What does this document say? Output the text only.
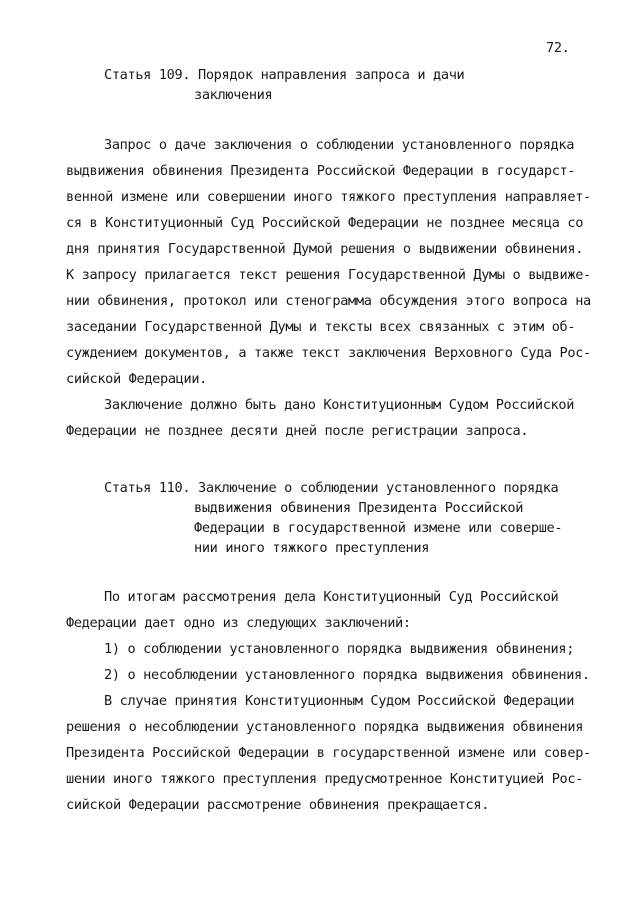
72.
Статья 109. Порядок направления запроса и дачи
заключения
Запрос о даче заключения о соблюдении установленного порядка
выдвижения обвинения Президента Российской Федерации в государст-
венной измене или совершении иного тяжкого преступления направляет-
ся в Конституционный Суд Российской Федерации не позднее месяца со
дня принятия Государственной Думой решения о выдвижении обвинения.
К запросу прилагается текст решения Государственной Думы о выдвиже-
нии обвинения, протокол или стенограмма обсуждения этого вопроса на
заседании Государственной Думы и тексты всех связанных с этим об-
суждением документов, а также текст заключения Верховного Суда Рос-
сийской Федерации.
Заключение должно быть дано Конституционным Судом Российской
Федерации не позднее десяти дней после регистрации запроса.
Статья 110. Заключение о соблюдении установленного порядка
выдвижения обвинения Президента Российской
Федерации в государственной измене или соверше-
нии иного тяжкого преступления
По итогам рассмотрения дела Конституционный Суд Российской
Федерации дает одно из следующих заключений:
1) о соблюдении установленного порядка выдвижения обвинения;
2) о несоблюдении установленного порядка выдвижения обвинения.
В случае принятия Конституционным Судом Российской Федерации
решения о несоблюдении установленного порядка выдвижения обвинения
Президента Российской Федерации в государственной измене или совер-
шении иного тяжкого преступления предусмотренное Конституцией Рос-
сийской Федерации рассмотрение обвинения прекращается.
